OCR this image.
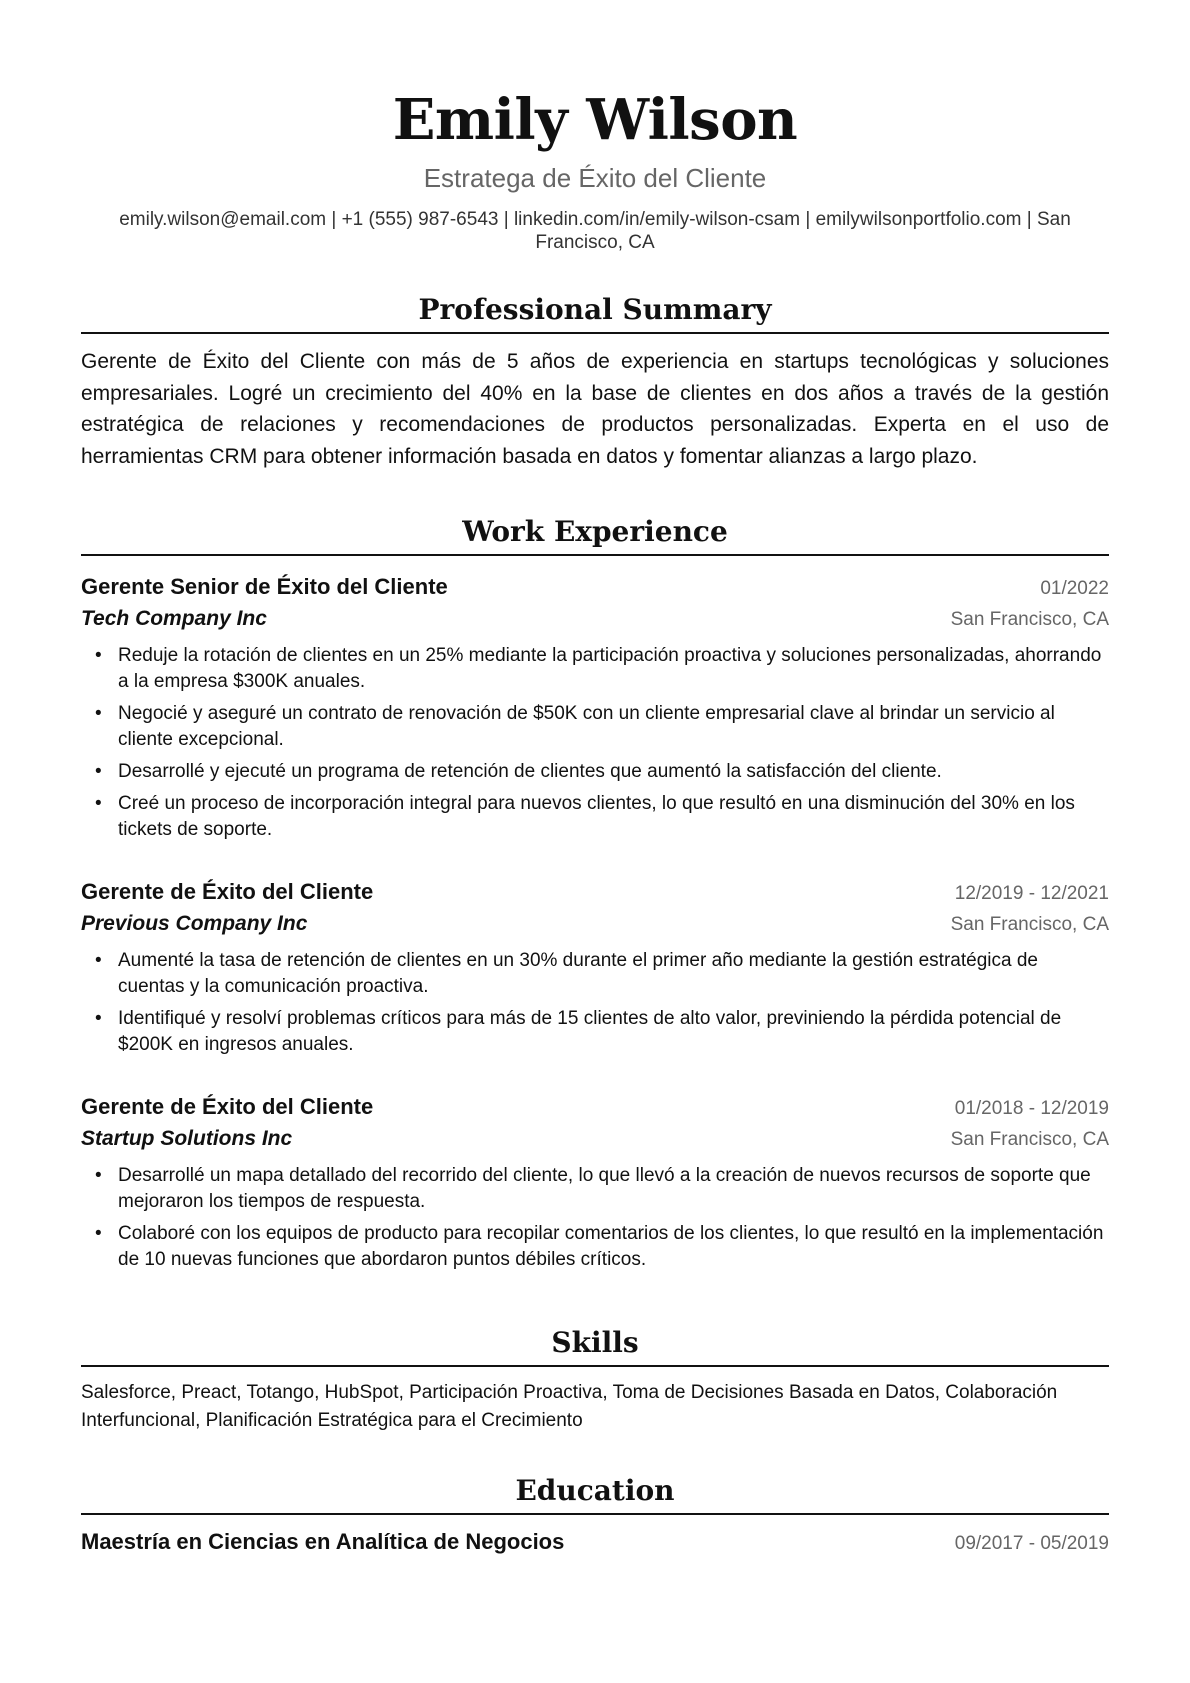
Emily Wilson
Estratega de Éxito del Cliente
emily.wilson@email.com | +1 (555) 987-6543 | linkedin.com/in/emily-wilson-csam | emilywilsonportfolio.com | San Francisco, CA
Professional Summary
Gerente de Éxito del Cliente con más de 5 años de experiencia en startups tecnológicas y soluciones empresariales. Logré un crecimiento del 40% en la base de clientes en dos años a través de la gestión estratégica de relaciones y recomendaciones de productos personalizadas. Experta en el uso de herramientas CRM para obtener información basada en datos y fomentar alianzas a largo plazo.
Work Experience
Gerente Senior de Éxito del Cliente	01/2022
Tech Company Inc	San Francisco, CA
• Reduje la rotación de clientes en un 25% mediante la participación proactiva y soluciones personalizadas, ahorrando a la empresa $300K anuales.
• Negocié y aseguré un contrato de renovación de $50K con un cliente empresarial clave al brindar un servicio al cliente excepcional.
• Desarrollé y ejecuté un programa de retención de clientes que aumentó la satisfacción del cliente.
• Creé un proceso de incorporación integral para nuevos clientes, lo que resultó en una disminución del 30% en los tickets de soporte.
Gerente de Éxito del Cliente	12/2019 - 12/2021
Previous Company Inc	San Francisco, CA
• Aumenté la tasa de retención de clientes en un 30% durante el primer año mediante la gestión estratégica de cuentas y la comunicación proactiva.
• Identifiqué y resolví problemas críticos para más de 15 clientes de alto valor, previniendo la pérdida potencial de $200K en ingresos anuales.
Gerente de Éxito del Cliente	01/2018 - 12/2019
Startup Solutions Inc	San Francisco, CA
• Desarrollé un mapa detallado del recorrido del cliente, lo que llevó a la creación de nuevos recursos de soporte que mejoraron los tiempos de respuesta.
• Colaboré con los equipos de producto para recopilar comentarios de los clientes, lo que resultó en la implementación de 10 nuevas funciones que abordaron puntos débiles críticos.
Skills
Salesforce, Preact, Totango, HubSpot, Participación Proactiva, Toma de Decisiones Basada en Datos, Colaboración Interfuncional, Planificación Estratégica para el Crecimiento
Education
Maestría en Ciencias en Analítica de Negocios	09/2017 - 05/2019
